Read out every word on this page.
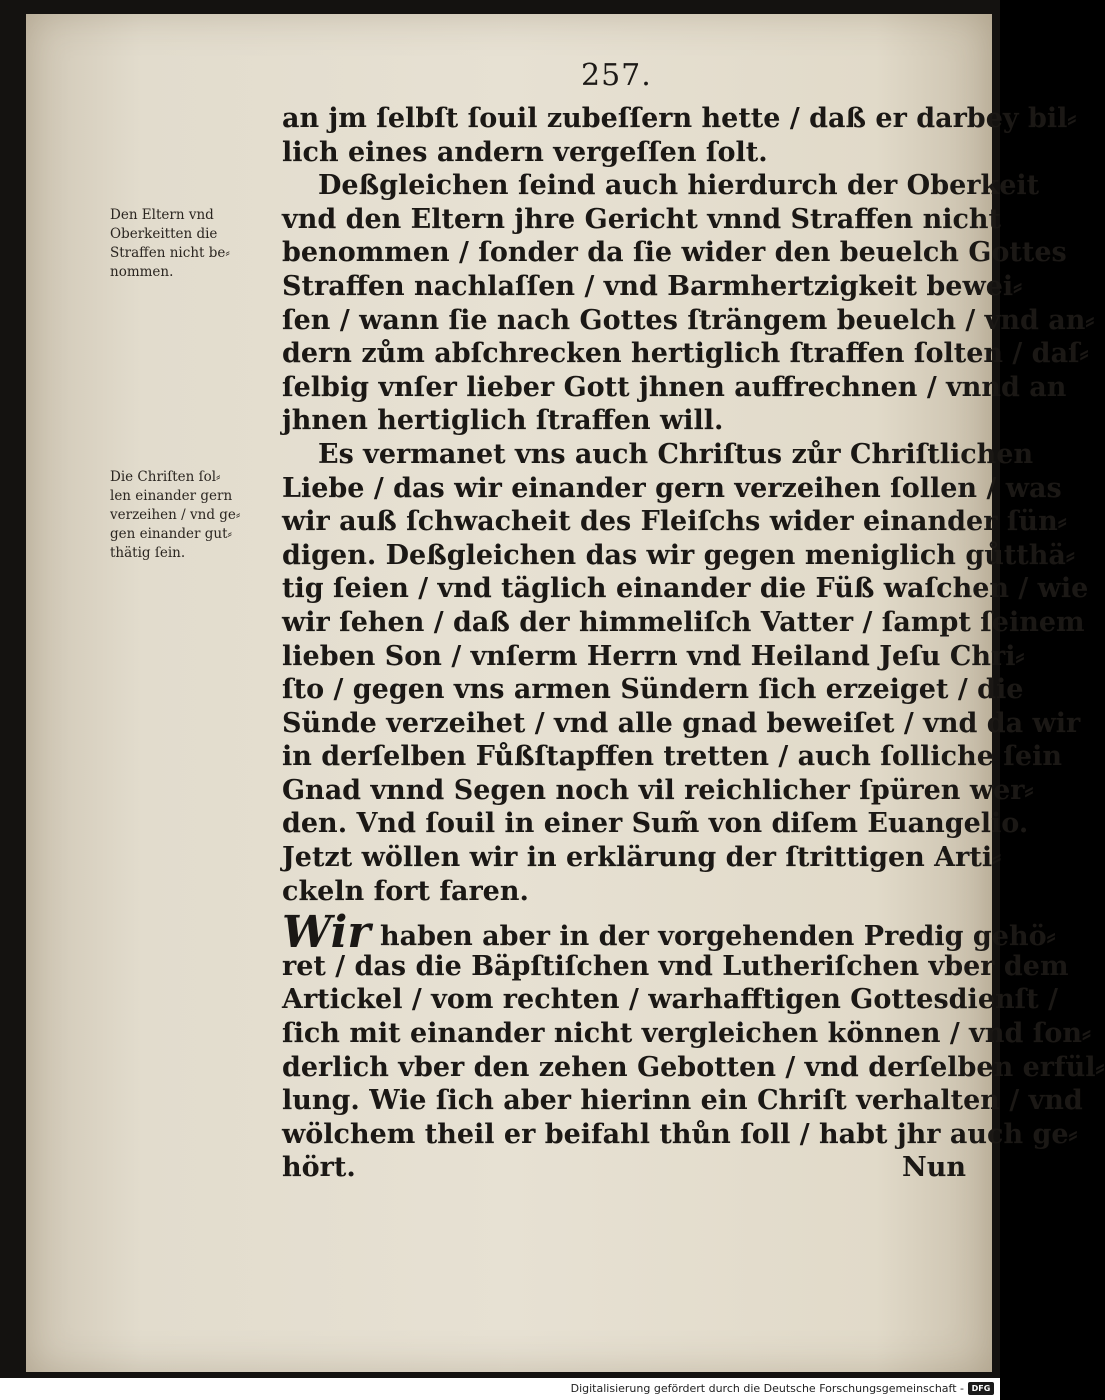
257.
an jm ſelbſt ſouil zubeſſern hette / daß er darbey bil⸗
lich eines andern vergeſſen ſolt.
Deßgleichen ſeind auch hierdurch der Oberkeit
vnd den Eltern jhre Gericht vnnd Straffen nicht
benommen / ſonder da ſie wider den beuelch Gottes
Straffen nachlaſſen / vnd Barmhertzigkeit bewei⸗
ſen / wann ſie nach Gottes ſträngem beuelch / vnd an⸗
dern zům abſchrecken hertiglich ſtraffen ſolten / daſ⸗
ſelbig vnſer lieber Gott jhnen auffrechnen / vnnd an
jhnen hertiglich ſtraffen will.
Es vermanet vns auch Chriſtus zůr Chriſtlichen
Liebe / das wir einander gern verzeihen ſollen / was
wir auß ſchwacheit des Fleiſchs wider einander ſün⸗
digen. Deßgleichen das wir gegen meniglich gůtthä⸗
tig ſeien / vnd täglich einander die Füß waſchen / wie
wir ſehen / daß der himmeliſch Vatter / ſampt ſeinem
lieben Son / vnſerm Herrn vnd Heiland Jeſu Chri⸗
ſto / gegen vns armen Sündern ſich erzeiget / die
Sünde verzeihet / vnd alle gnad beweiſet / vnd da wir
in derſelben Fůßſtapffen tretten / auch ſolliche ſein
Gnad vnnd Segen noch vil reichlicher ſpüren wer⸗
den. Vnd ſouil in einer Sum̃ von diſem Euangelio.
Jetzt wöllen wir in erklärung der ſtrittigen Arti⸗
ckeln fort faren.
Wir haben aber in der vorgehenden Predig gehö⸗
ret / das die Bäpſtiſchen vnd Lutheriſchen vber dem
Artickel / vom rechten / warhafftigen Gottesdienſt /
ſich mit einander nicht vergleichen können / vnd ſon⸗
derlich vber den zehen Gebotten / vnd derſelben erfül⸗
lung. Wie ſich aber hierinn ein Chriſt verhalten / vnd
wölchem theil er beifahl thůn ſoll / habt jhr auch ge⸗
hört.	Nun
Den Eltern vnd
Oberkeitten die
Straffen nicht be⸗
nommen.
Die Chriſten ſol⸗
len einander gern
verzeihen / vnd ge⸗
gen einander gut⸗
thätig ſein.
Digitalisierung gefördert durch die Deutsche Forschungsgemeinschaft - DFG
